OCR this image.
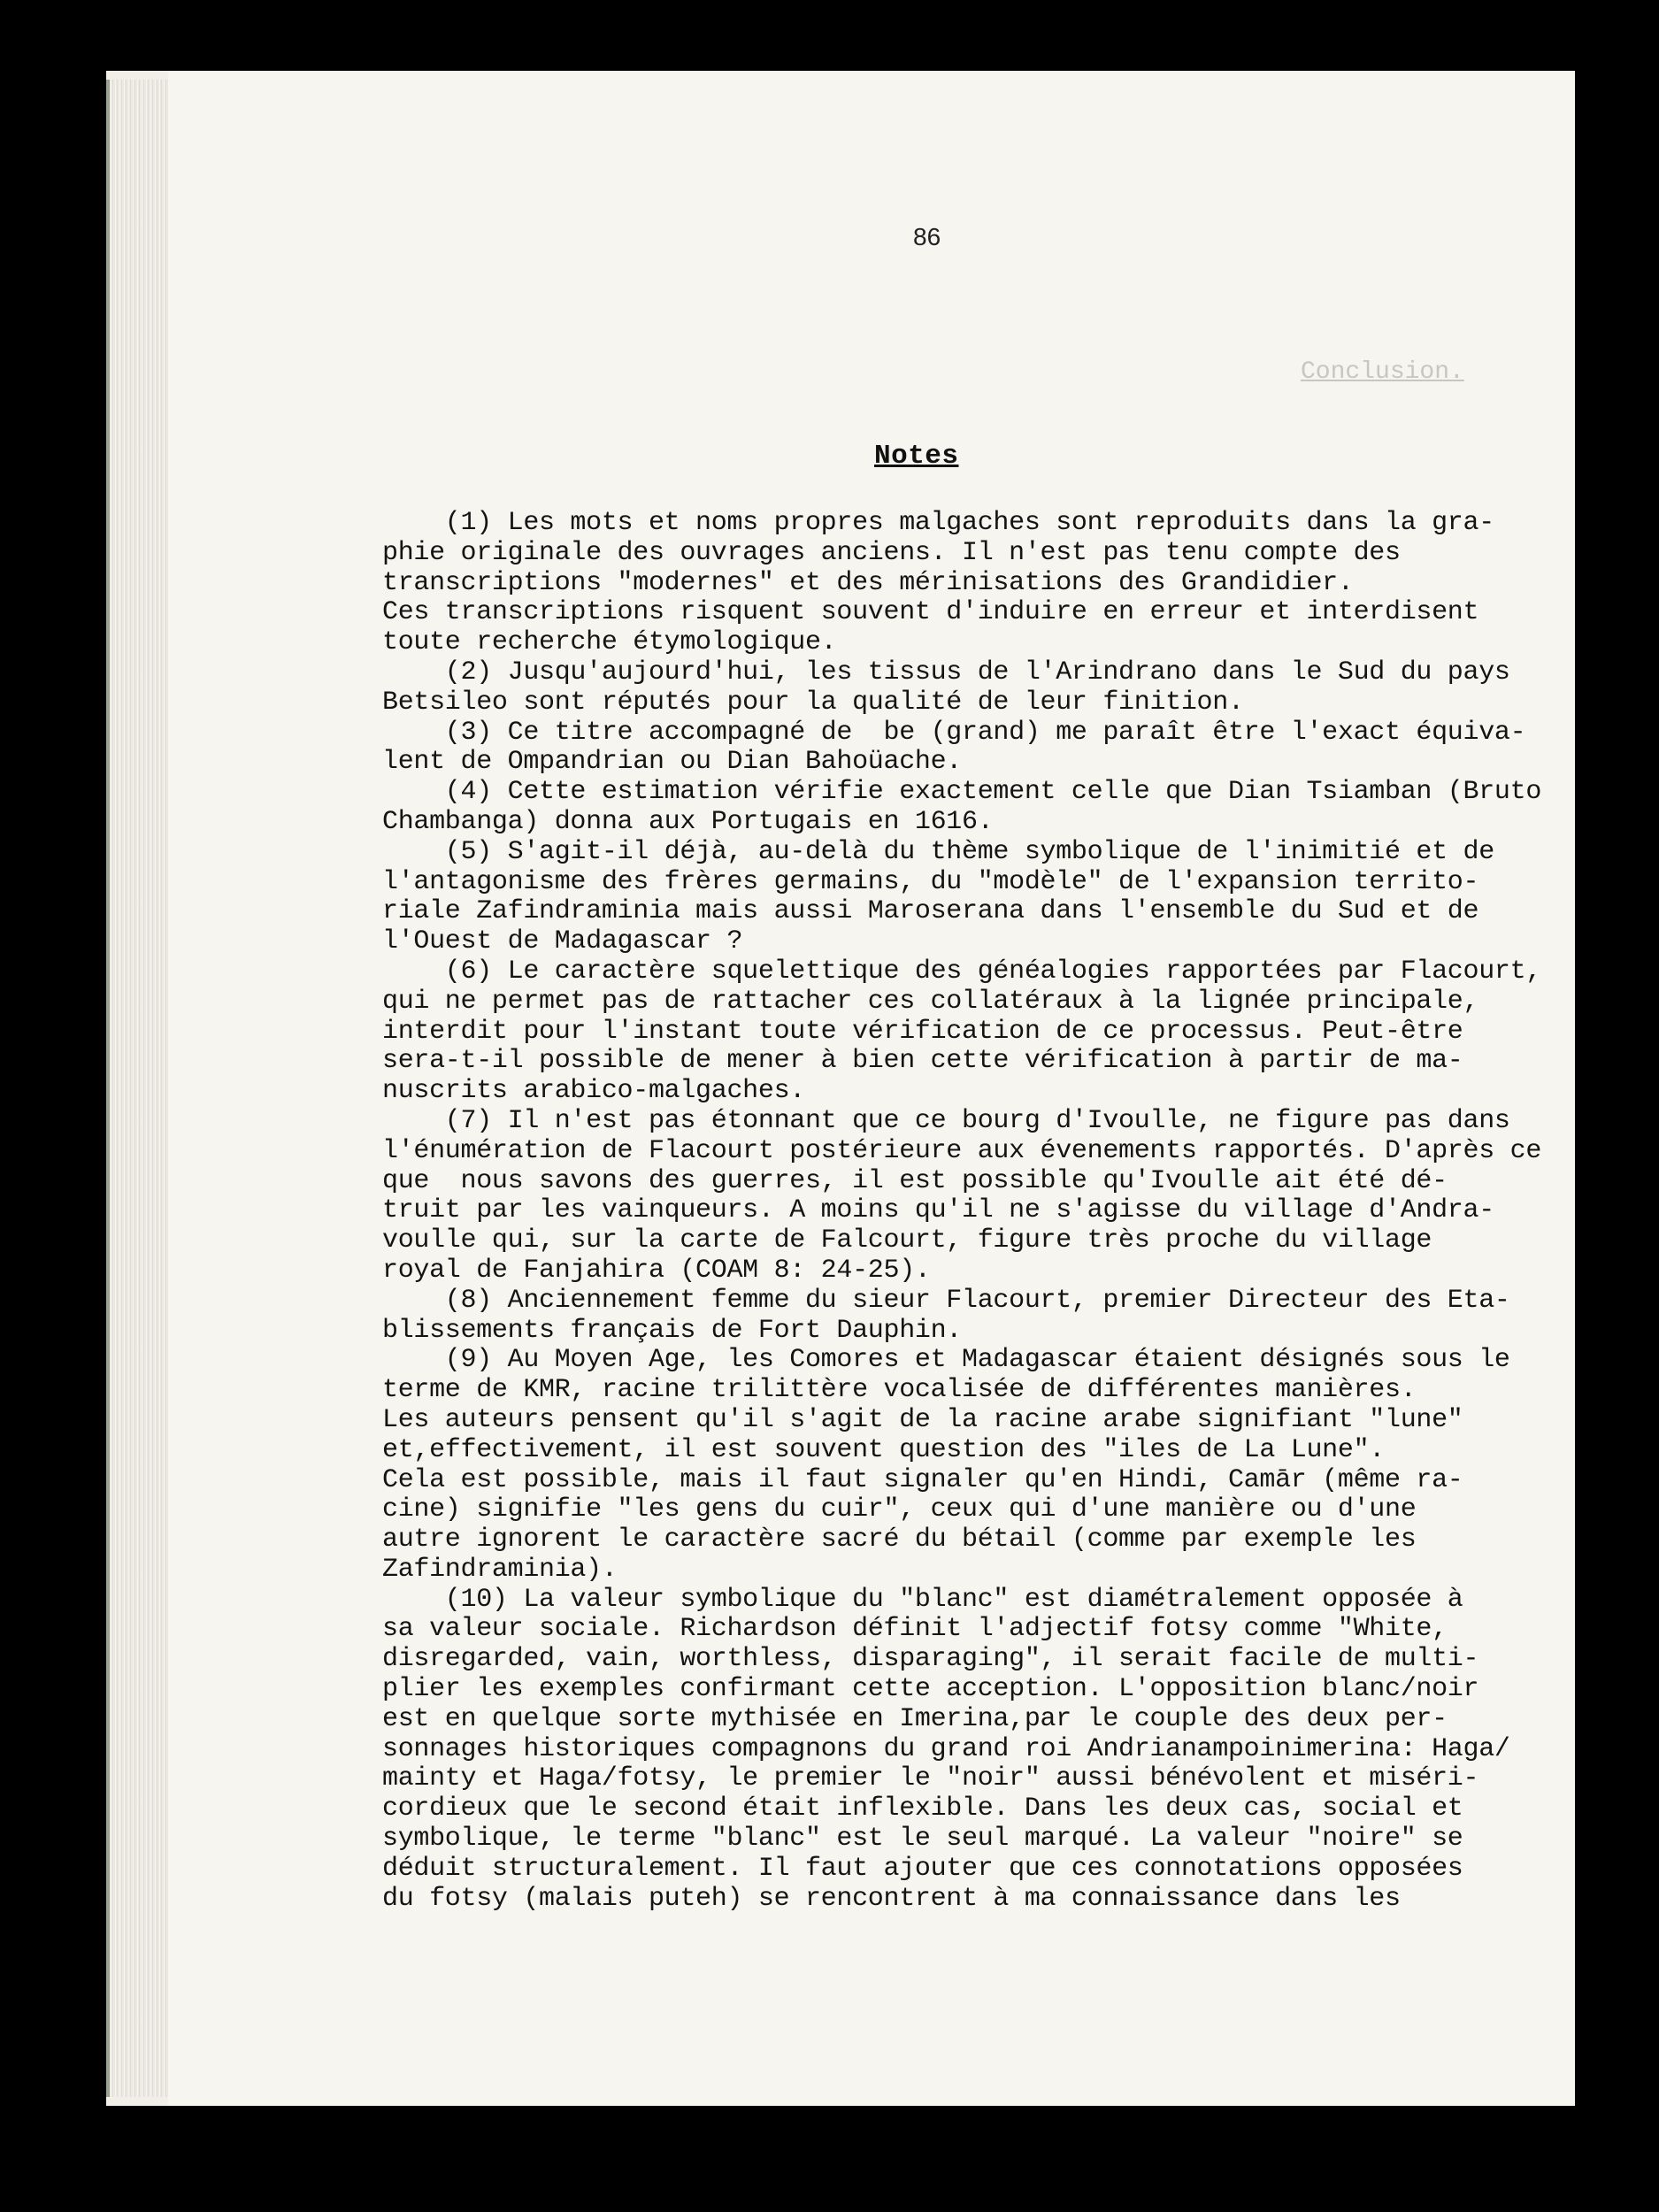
86
Conclusion.
Notes
(1) Les mots et noms propres malgaches sont reproduits dans la gra-
phie originale des ouvrages anciens. Il n'est pas tenu compte des
transcriptions "modernes" et des mérinisations des Grandidier.
Ces transcriptions risquent souvent d'induire en erreur et interdisent
toute recherche étymologique.
(2) Jusqu'aujourd'hui, les tissus de l'Arindrano dans le Sud du pays
Betsileo sont réputés pour la qualité de leur finition.
(3) Ce titre accompagné de  be (grand) me paraît être l'exact équiva-
lent de Ompandrian ou Dian Bahoüache.
(4) Cette estimation vérifie exactement celle que Dian Tsiamban (Bruto
Chambanga) donna aux Portugais en 1616.
(5) S'agit-il déjà, au-delà du thème symbolique de l'inimitié et de
l'antagonisme des frères germains, du "modèle" de l'expansion territo-
riale Zafindraminia mais aussi Maroserana dans l'ensemble du Sud et de
l'Ouest de Madagascar ?
(6) Le caractère squelettique des généalogies rapportées par Flacourt,
qui ne permet pas de rattacher ces collatéraux à la lignée principale,
interdit pour l'instant toute vérification de ce processus. Peut-être
sera-t-il possible de mener à bien cette vérification à partir de ma-
nuscrits arabico-malgaches.
(7) Il n'est pas étonnant que ce bourg d'Ivoulle, ne figure pas dans
l'énumération de Flacourt postérieure aux évenements rapportés. D'après ce
que  nous savons des guerres, il est possible qu'Ivoulle ait été dé-
truit par les vainqueurs. A moins qu'il ne s'agisse du village d'Andra-
voulle qui, sur la carte de Falcourt, figure très proche du village
royal de Fanjahira (COAM 8: 24-25).
(8) Anciennement femme du sieur Flacourt, premier Directeur des Eta-
blissements français de Fort Dauphin.
(9) Au Moyen Age, les Comores et Madagascar étaient désignés sous le
terme de KMR, racine trilittère vocalisée de différentes manières.
Les auteurs pensent qu'il s'agit de la racine arabe signifiant "lune"
et,effectivement, il est souvent question des "iles de La Lune".
Cela est possible, mais il faut signaler qu'en Hindi, Camār (même ra-
cine) signifie "les gens du cuir", ceux qui d'une manière ou d'une
autre ignorent le caractère sacré du bétail (comme par exemple les
Zafindraminia).
(10) La valeur symbolique du "blanc" est diamétralement opposée à
sa valeur sociale. Richardson définit l'adjectif fotsy comme "White,
disregarded, vain, worthless, disparaging", il serait facile de multi-
plier les exemples confirmant cette acception. L'opposition blanc/noir
est en quelque sorte mythisée en Imerina,par le couple des deux per-
sonnages historiques compagnons du grand roi Andrianampoinimerina: Haga/
mainty et Haga/fotsy, le premier le "noir" aussi bénévolent et miséri-
cordieux que le second était inflexible. Dans les deux cas, social et
symbolique, le terme "blanc" est le seul marqué. La valeur "noire" se
déduit structuralement. Il faut ajouter que ces connotations opposées
du fotsy (malais puteh) se rencontrent à ma connaissance dans les
